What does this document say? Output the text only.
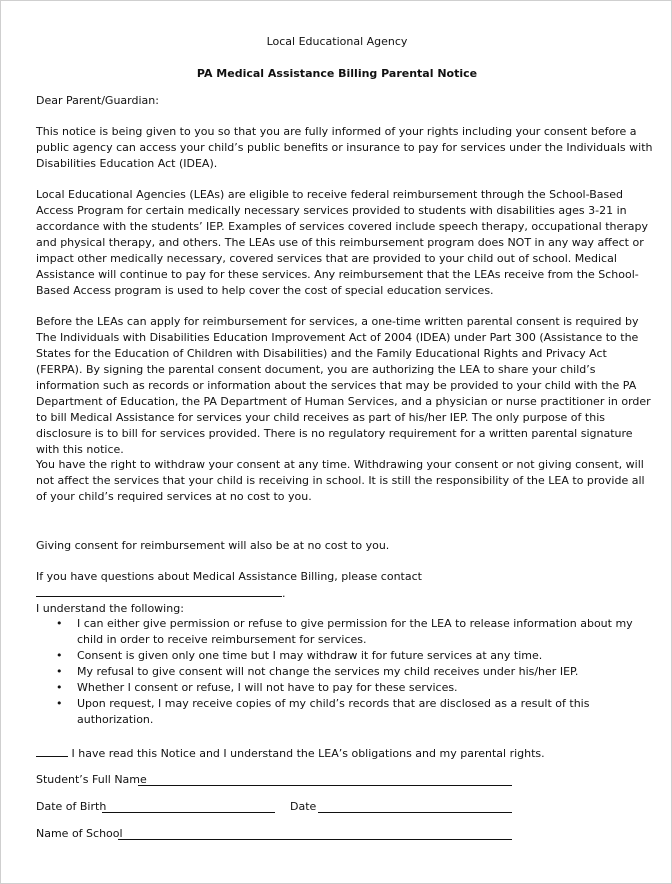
Local Educational Agency
PA Medical Assistance Billing Parental Notice
Dear Parent/Guardian:
This notice is being given to you so that you are fully informed of your rights including your consent before a public agency can access your child’s public benefits or insurance to pay for services under the Individuals with Disabilities Education Act (IDEA).
Local Educational Agencies (LEAs) are eligible to receive federal reimbursement through the School-Based Access Program for certain medically necessary services provided to students with disabilities ages 3-21 in accordance with the students’ IEP. Examples of services covered include speech therapy, occupational therapy and physical therapy, and others. The LEAs use of this reimbursement program does NOT in any way affect or impact other medically necessary, covered services that are provided to your child out of school. Medical Assistance will continue to pay for these services. Any reimbursement that the LEAs receive from the School-Based Access program is used to help cover the cost of special education services.
Before the LEAs can apply for reimbursement for services, a one-time written parental consent is required by The Individuals with Disabilities Education Improvement Act of 2004 (IDEA) under Part 300 (Assistance to the States for the Education of Children with Disabilities) and the Family Educational Rights and Privacy Act (FERPA). By signing the parental consent document, you are authorizing the LEA to share your child’s information such as records or information about the services that may be provided to your child with the PA Department of Education, the PA Department of Human Services, and a physician or nurse practitioner in order to bill Medical Assistance for services your child receives as part of his/her IEP. The only purpose of this disclosure is to bill for services provided. There is no regulatory requirement for a written parental signature with this notice.
You have the right to withdraw your consent at any time. Withdrawing your consent or not giving consent, will not affect the services that your child is receiving in school. It is still the responsibility of the LEA to provide all of your child’s required services at no cost to you.
Giving consent for reimbursement will also be at no cost to you.
If you have questions about Medical Assistance Billing, please contact.
I understand the following:
• I can either give permission or refuse to give permission for the LEA to release information about my child in order to receive reimbursement for services.
• Consent is given only one time but I may withdraw it for future services at any time.
• My refusal to give consent will not change the services my child receives under his/her IEP.
• Whether I consent or refuse, I will not have to pay for these services.
• Upon request, I may receive copies of my child’s records that are disclosed as a result of this authorization.
I have read this Notice and I understand the LEA’s obligations and my parental rights.
Student’s Full Name
Date of Birth	Date
Name of School
